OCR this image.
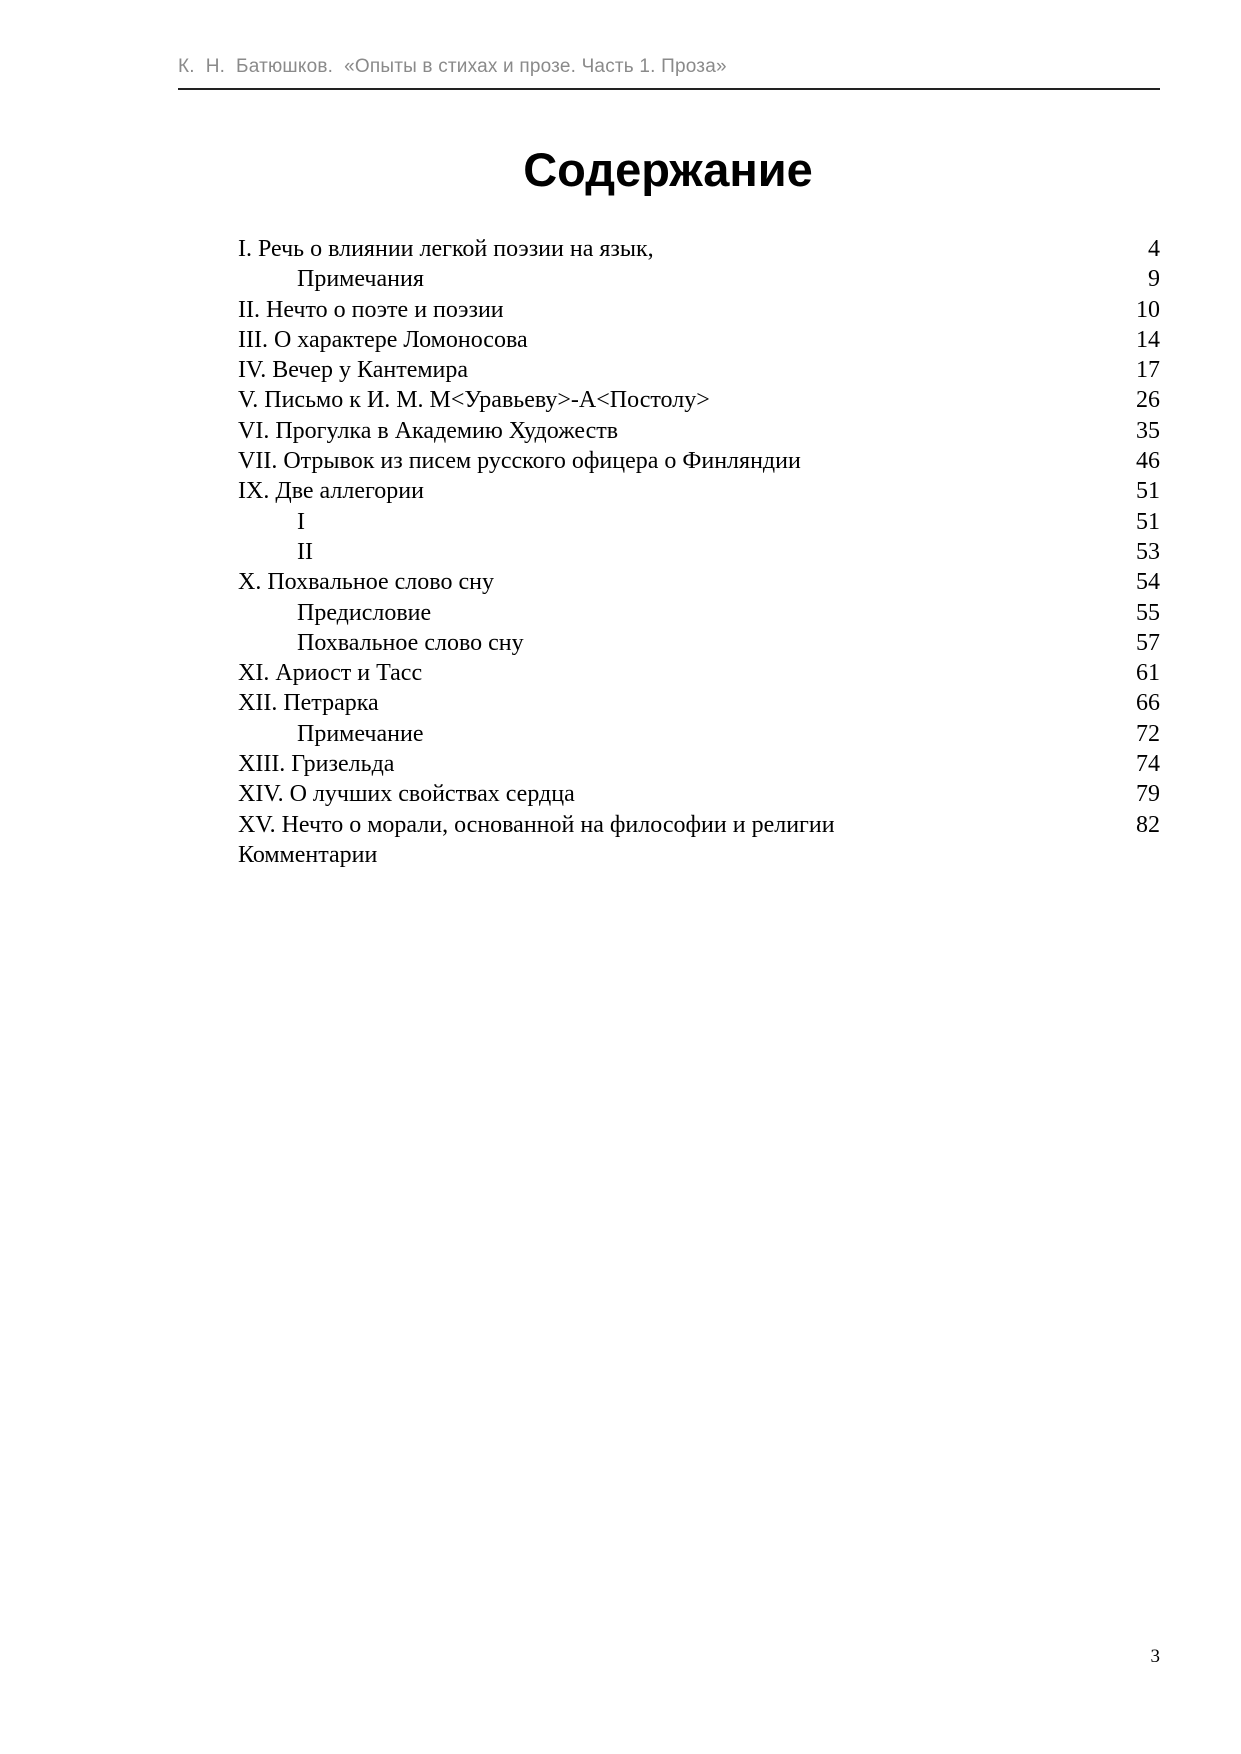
К.  Н.  Батюшков.  «Опыты в стихах и прозе. Часть 1. Проза»
Содержание
I. Речь о влиянии легкой поэзии на язык,	4
Примечания	9
II. Нечто о поэте и поэзии	10
III. О характере Ломоносова	14
IV. Вечер у Кантемира	17
V. Письмо к И. М. М<Уравьеву>-А<Постолу>	26
VI. Прогулка в Академию Художеств	35
VII. Отрывок из писем русского офицера о Финляндии	46
IX. Две аллегории	51
I	51
II	53
X. Похвальное слово сну	54
Предисловие	55
Похвальное слово сну	57
XI. Ариост и Тасс	61
XII. Петрарка	66
Примечание	72
XIII. Гризельда	74
XIV. О лучших свойствах сердца	79
XV. Нечто о морали, основанной на философии и религии	82
Комментарии
3
